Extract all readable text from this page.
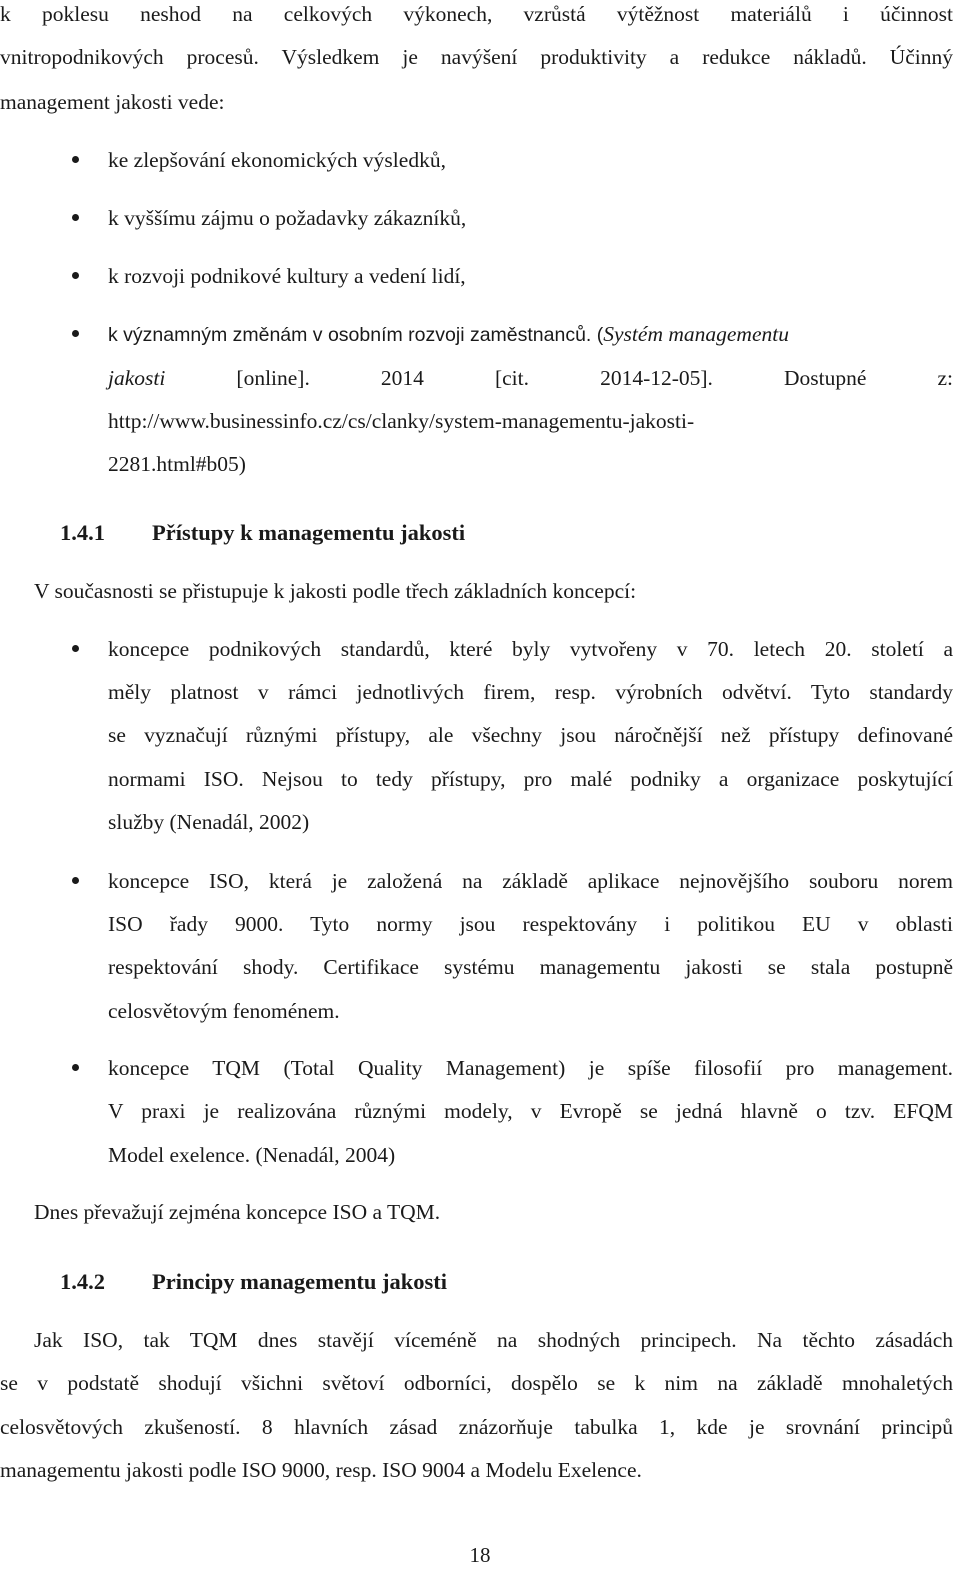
k poklesu neshod na celkových výkonech, vzrůstá výtěžnost materiálů i účinnost
vnitropodnikových procesů. Výsledkem je navýšení produktivity a redukce nákladů. Účinný
management jakosti vede:
ke zlepšování ekonomických výsledků,
k vyššímu zájmu o požadavky zákazníků,
k rozvoji podnikové kultury a vedení lidí,
k významným změnám v osobním rozvoji zaměstnanců. (Systém managementu
jakosti	[online].	2014	[cit.	2014-12-05].	Dostupné	z:
http://www.businessinfo.cz/cs/clanky/system-managementu-jakosti-
2281.html#b05)
1.4.1 Přístupy k managementu jakosti
V současnosti se přistupuje k jakosti podle třech základních koncepcí:
koncepce podnikových standardů, které byly vytvořeny v 70. letech 20. století a
měly platnost v rámci jednotlivých firem, resp. výrobních odvětví. Tyto standardy
se vyznačují různými přístupy, ale všechny jsou náročnější než přístupy definované
normami ISO. Nejsou to tedy přístupy, pro malé podniky a organizace poskytující
služby (Nenadál, 2002)
koncepce ISO, která je založená na základě aplikace nejnovějšího souboru norem
ISO řady 9000. Tyto normy jsou respektovány i politikou EU v oblasti
respektování shody. Certifikace systému managementu jakosti se stala postupně
celosvětovým fenoménem.
koncepce TQM (Total Quality Management) je spíše filosofií pro management.
V praxi je realizována různými modely, v Evropě se jedná hlavně o tzv. EFQM
Model exelence. (Nenadál, 2004)
Dnes převažují zejména koncepce ISO a TQM.
1.4.2 Principy managementu jakosti
Jak ISO, tak TQM dnes stavějí víceméně na shodných principech. Na těchto zásadách
se v podstatě shodují všichni světoví odborníci, dospělo se k nim na základě mnohaletých
celosvětových zkušeností. 8 hlavních zásad znázorňuje tabulka 1, kde je srovnání principů
managementu jakosti podle ISO 9000, resp. ISO 9004 a Modelu Exelence.
18
